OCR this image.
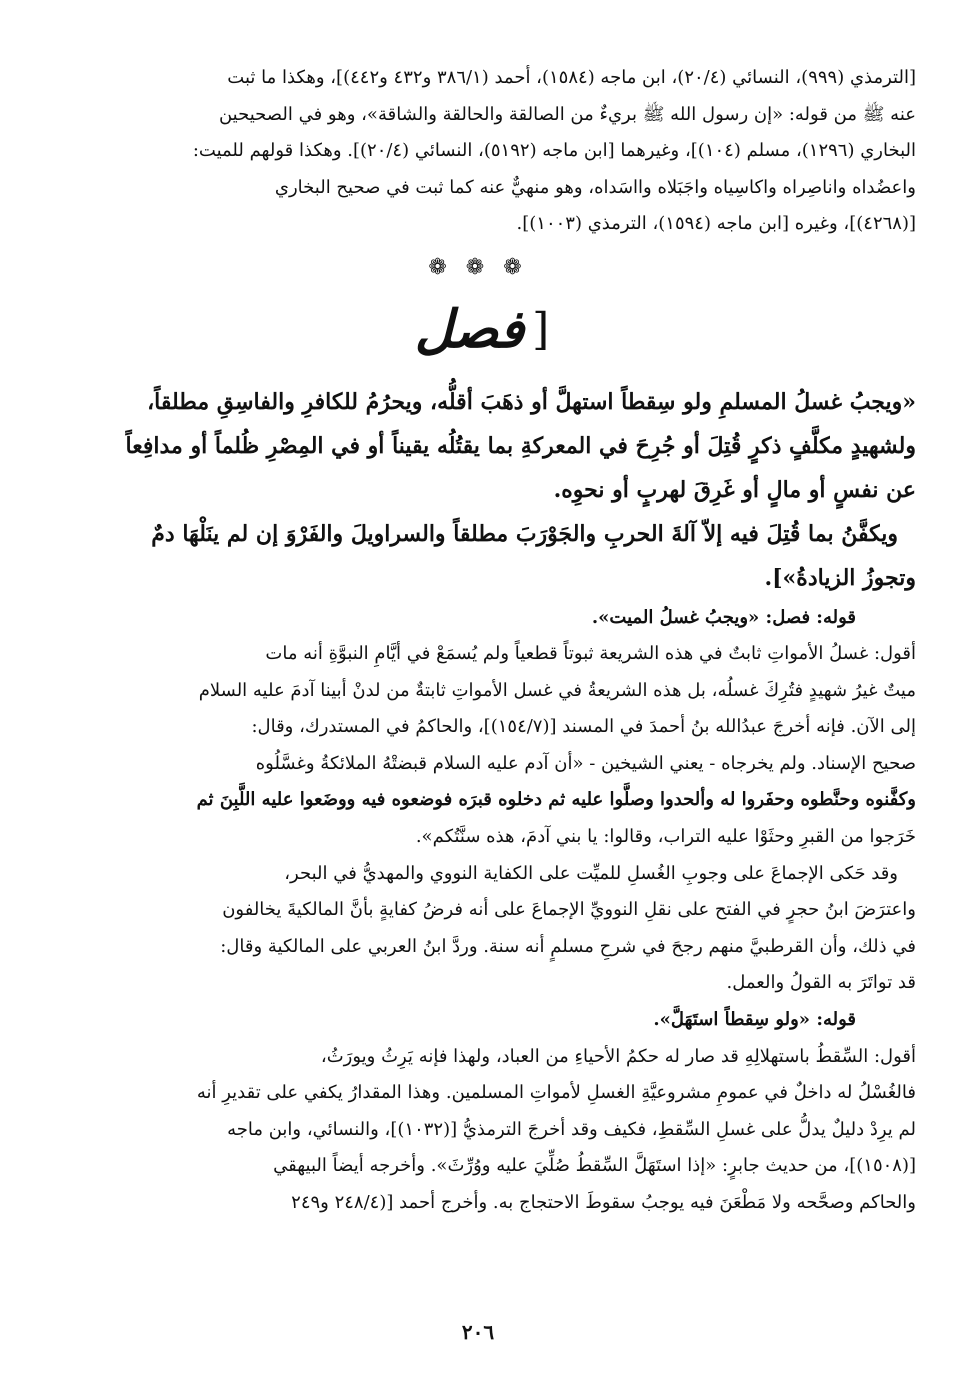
[الترمذي (٩٩٩)، النسائي (٢٠/٤)، ابن ماجه (١٥٨٤)، أحمد (٣٨٦/١ و٤٣٢ و٤٤٢)]، وهكذا ما ثبت

عنه ﷺ من قوله: «إن رسول الله ﷺ بريءٌ من الصالقة والحالقة والشاقة»، وهو في الصحيحين

البخاري (١٢٩٦)، مسلم (١٠٤)]، وغيرهما [ابن ماجه (٥١٩٢)، النسائي (٢٠/٤)]. وهكذا قولهم للميت:

واعضُداه واناصِراه واكاسِياه واجَبَلاه وااسَداه، وهو منهيٌّ عنه كما ثبت في صحيح البخاري

[(٤٢٦٨)]، وغيره [ابن ماجه (١٥٩٤)، الترمذي (١٠٠٣)].

❁ ❁ ❁
[فصل

«ويجبُ غسلُ المسلمِ ولو سِقطاً استهلَّ أو ذهَبَ أقلُّه، ويحرُمُ للكافرِ والفاسِقِ مطلقاً،

ولشهيدٍ مكلَّفٍ ذكرٍ قُتِلَ أو جُرِحَ في المعركةِ بما يقتُلُه يقيناً أو في المِصْرِ ظُلماً أو مدافِعاً

عن نفسٍ أو مالٍ أو غَرِقَ لهربٍ أو نحوِه.

ويكفَّنُ بما قُتِلَ فيه إلاّ آلةَ الحربِ والجَوْرَبَ مطلقاً والسراويلَ والفَرْوَ إن لم ينَلْهَا دمٌ

وتجوزُ الزيادةُ»].

قوله: فصل: «ويجبُ غسلُ الميت».

أقول: غسلُ الأمواتِ ثابتٌ في هذه الشريعة ثبوتاً قطعياً ولم يُسمَعْ في أيَّامِ النبوَّةِ أنه مات

ميتٌ غيرُ شهيدٍ فتُرِكَ غسلُه، بل هذه الشريعةُ في غسل الأمواتِ ثابتةٌ من لدنْ أبينا آدمَ عليه السلام

إلى الآن. فإنه أخرجَ عبدُالله بنُ أحمدَ في المسند [(١٥٤/٧)]، والحاكمُ في المستدرك، وقال:

صحيح الإسناد. ولم يخرجاه - يعني الشيخين - «أن آدم عليه السلام قبضتْهُ الملائكةُ وغسَّلُوه

وكفَّنوه وحنَّطوه وحفَروا له وألحدوا وصلَّوا عليه ثم دخلوه قبرَه فوضعوه فيه ووضَعوا عليه اللَّبِنَ ثم

خَرَجوا من القبرِ وحثَوْا عليه التراب، وقالوا: يا بني آدمَ، هذه سنَّتُكم».

وقد حَكى الإجماعَ على وجوبِ الغُسلِ للميِّت على الكفاية النووي والمهديُّ في البحر،

واعترَضَ ابنُ حجرٍ في الفتح على نقلِ النوويِّ الإجماعَ على أنه فرضُ كفايةٍ بأنَّ المالكيةَ يخالفون

في ذلك، وأن القرطبيَّ منهم رجحَ في شرحِ مسلمٍ أنه سنة. وردَّ ابنُ العربي على المالكية وقال:

قد تواتَرَ به القولُ والعمل.

قوله: «ولو سِقطاً استَهَلَّ».

أقول: السِّقطُ باستهلالِهِ قد صار له حكمُ الأحياءِ من العباد، ولهذا فإنه يَرِثُ ويورَثُ،

فالغُسْلُ له داخلٌ في عمومِ مشروعيَّةِ الغسلِ لأمواتِ المسلمين. وهذا المقدارُ يكفي على تقديرِ أنه

لم يرِدْ دليلٌ يدلُّ على غسلِ السِّقطِ، فكيف وقد أخرجَ الترمذيُّ [(١٠٣٢)]، والنسائي، وابن ماجه

[(١٥٠٨)]، من حديث جابرٍ: «إذا استَهَلَّ السِّقطُ صُلِّيَ عليه ووُرِّثَ». وأخرجه أيضاً البيهقي

والحاكم وصحَّحه ولا مَطْعَنَ فيه يوجبُ سقوطَ الاحتجاج به. وأخرج أحمد [(٢٤٨/٤ و٢٤٩

٢٠٦
